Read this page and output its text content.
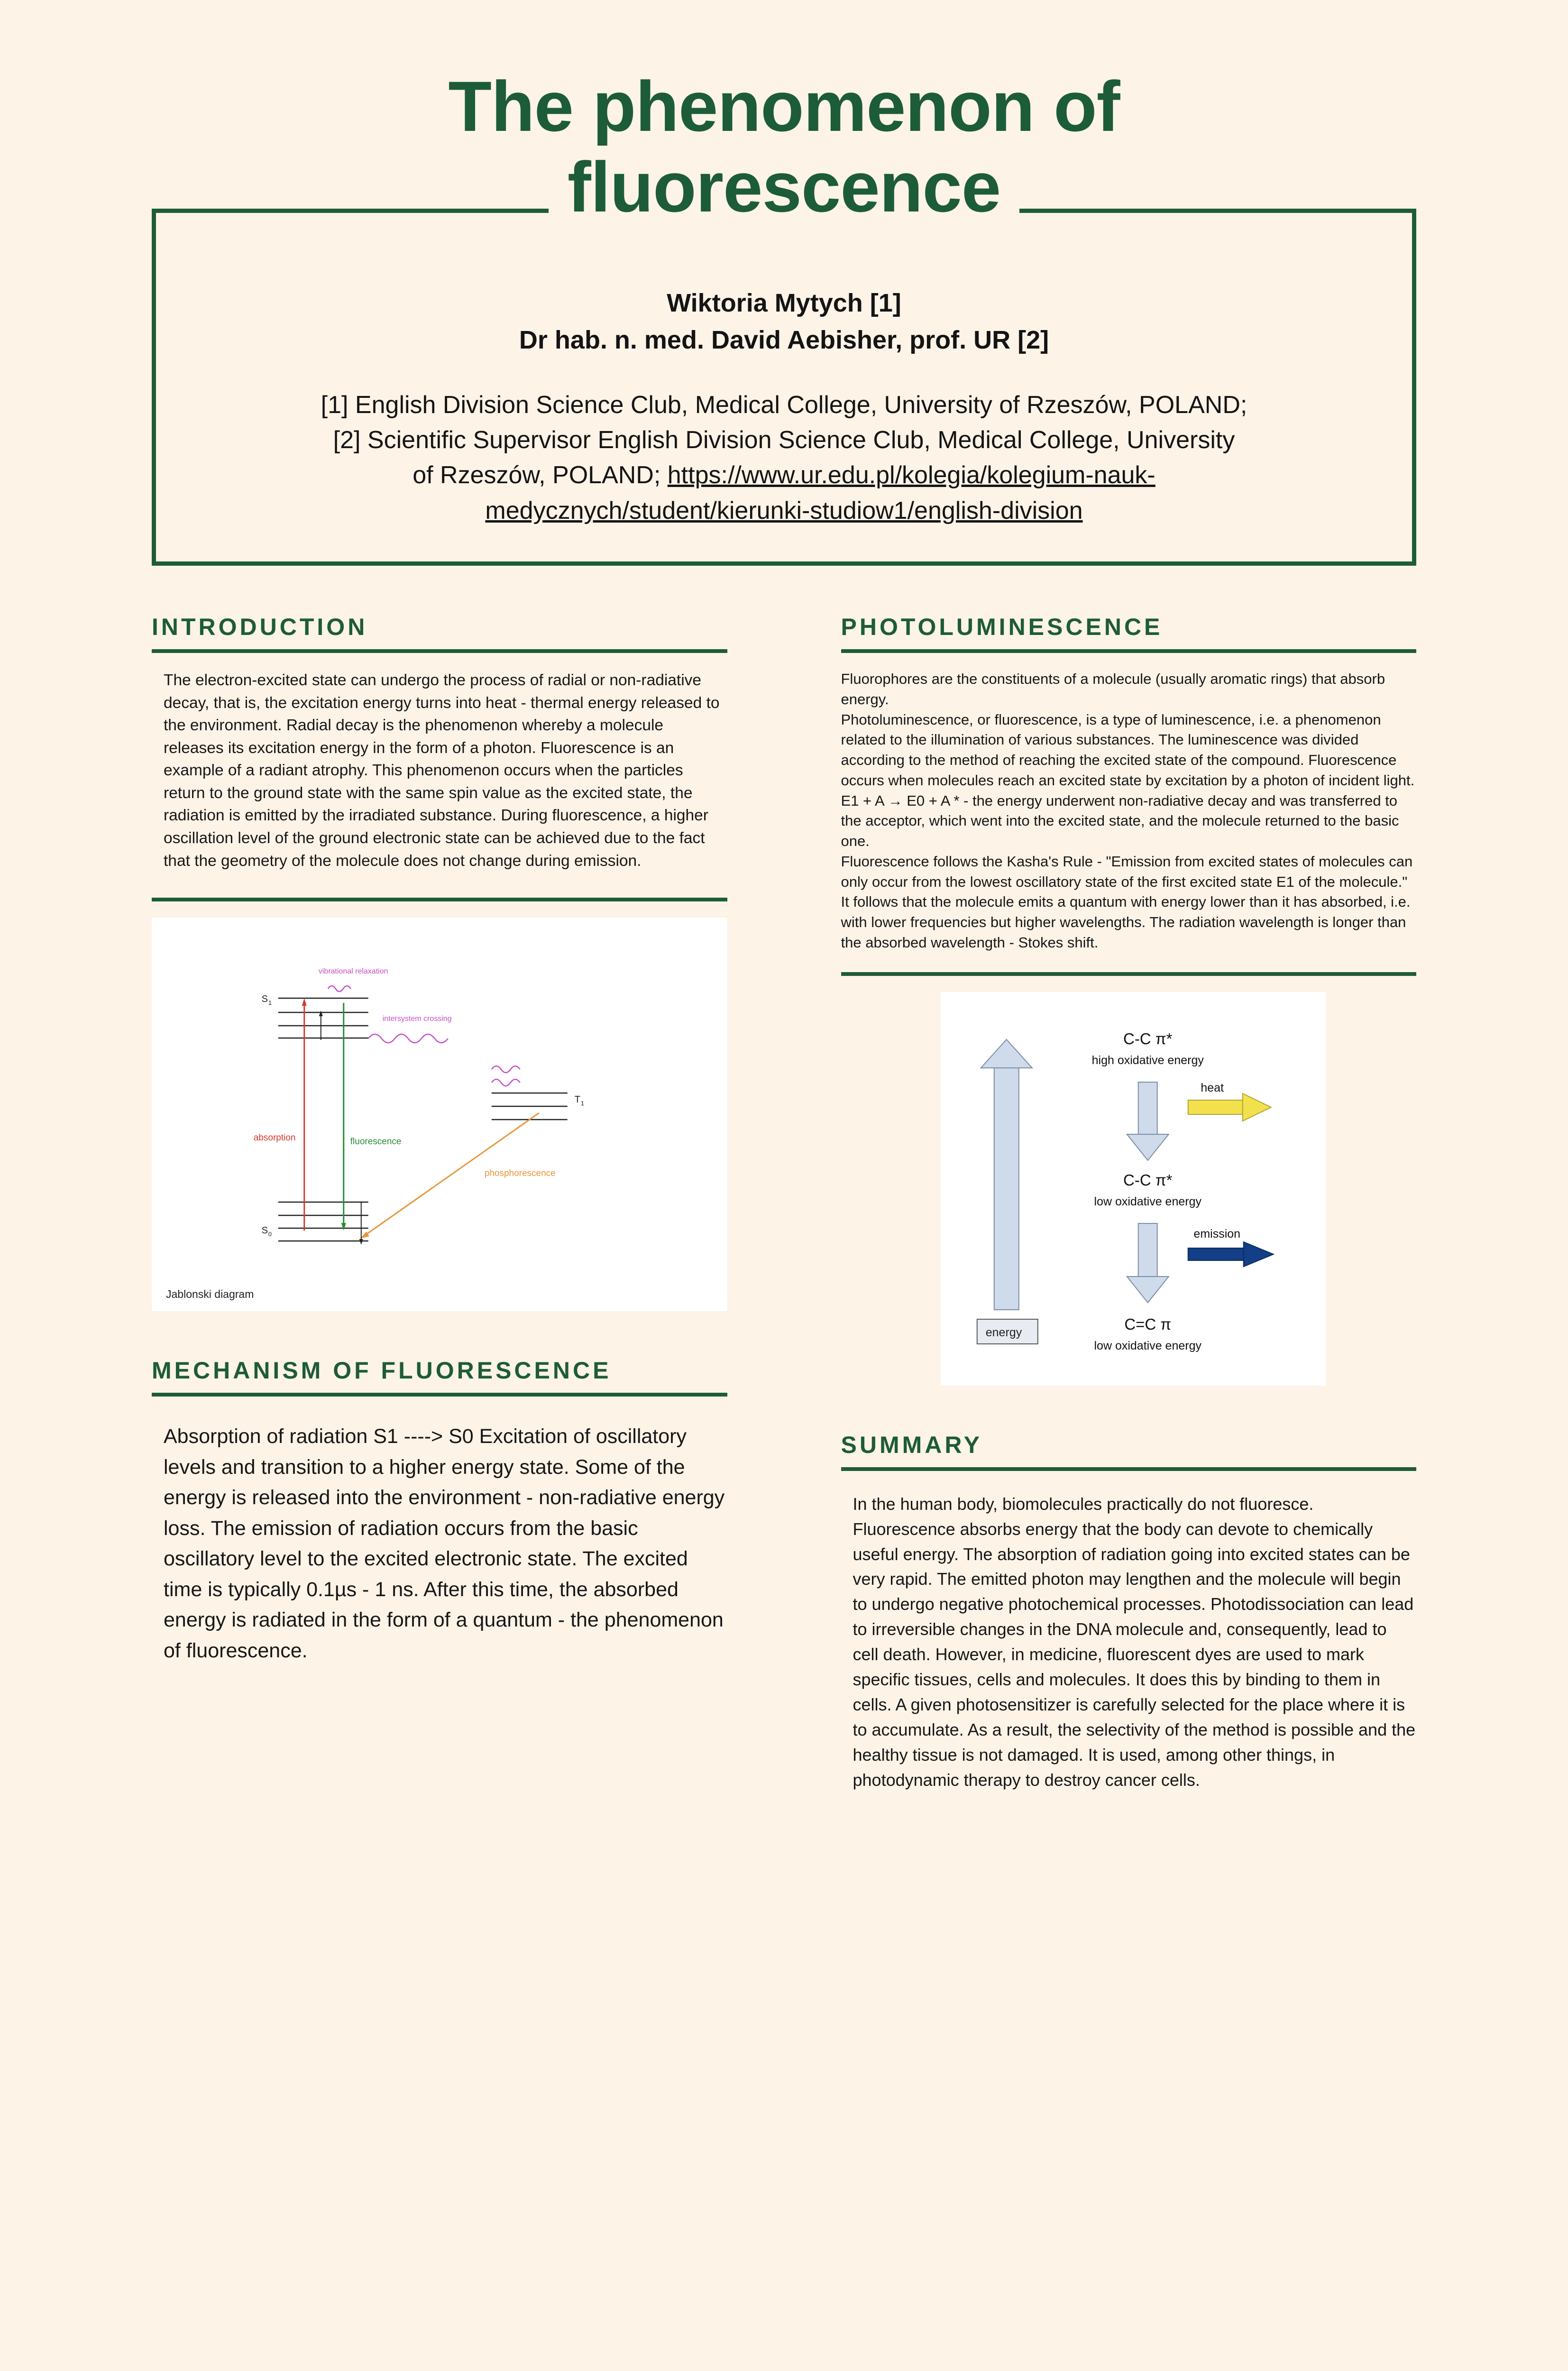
The phenomenon of
fluorescence
Wiktoria Mytych [1]
Dr hab. n. med. David Aebisher, prof. UR [2]
[1] English Division Science Club, Medical College, University of Rzeszów, POLAND;
[2] Scientific Supervisor English Division Science Club, Medical College, University
of Rzeszów, POLAND; https://www.ur.edu.pl/kolegia/kolegium-nauk-
medycznych/student/kierunki-studiow1/english-division
INTRODUCTION
The electron-excited state can undergo the process of radial or non-radiative decay, that is, the excitation energy turns into heat - thermal energy released to the environment. Radial decay is the phenomenon whereby a molecule releases its excitation energy in the form of a photon. Fluorescence is an example of a radiant atrophy. This phenomenon occurs when the particles return to the ground state with the same spin value as the excited state, the radiation is emitted by the irradiated substance. During fluorescence, a higher oscillation level of the ground electronic state can be achieved due to the fact that the geometry of the molecule does not change during emission.
S 1
S 0
T 1
absorption	fluorescence
vibrational relaxation
intersystem crossing
phosphorescence
Jablonski diagram
MECHANISM OF FLUORESCENCE
Absorption of radiation S1 ----> S0 Excitation of oscillatory levels and transition to a higher energy state. Some of the energy is released into the environment - non-radiative energy loss. The emission of radiation occurs from the basic oscillatory level to the excited electronic state. The excited time is typically 0.1µs - 1 ns. After this time, the absorbed energy is radiated in the form of a quantum - the phenomenon of fluorescence.
PHOTOLUMINESCENCE
Fluorophores are the constituents of a molecule (usually aromatic rings) that absorb energy.
Photoluminescence, or fluorescence, is a type of luminescence, i.e. a phenomenon related to the illumination of various substances. The luminescence was divided according to the method of reaching the excited state of the compound. Fluorescence occurs when molecules reach an excited state by excitation by a photon of incident light.
E1 + A → E0 + A * - the energy underwent non-radiative decay and was transferred to the acceptor, which went into the excited state, and the molecule returned to the basic one.
Fluorescence follows the Kasha's Rule - "Emission from excited states of molecules can only occur from the lowest oscillatory state of the first excited state E1 of the molecule."
It follows that the molecule emits a quantum with energy lower than it has absorbed, i.e. with lower frequencies but higher wavelengths. The radiation wavelength is longer than the absorbed wavelength - Stokes shift.
energy
C-C π*
high oxidative energy
heat
C-C π*
low oxidative energy
emission
C=C π
low oxidative energy
SUMMARY
In the human body, biomolecules practically do not fluoresce. Fluorescence absorbs energy that the body can devote to chemically useful energy. The absorption of radiation going into excited states can be very rapid. The emitted photon may lengthen and the molecule will begin to undergo negative photochemical processes. Photodissociation can lead to irreversible changes in the DNA molecule and, consequently, lead to cell death. However, in medicine, fluorescent dyes are used to mark specific tissues, cells and molecules. It does this by binding to them in cells. A given photosensitizer is carefully selected for the place where it is to accumulate. As a result, the selectivity of the method is possible and the healthy tissue is not damaged. It is used, among other things, in photodynamic therapy to destroy cancer cells.
